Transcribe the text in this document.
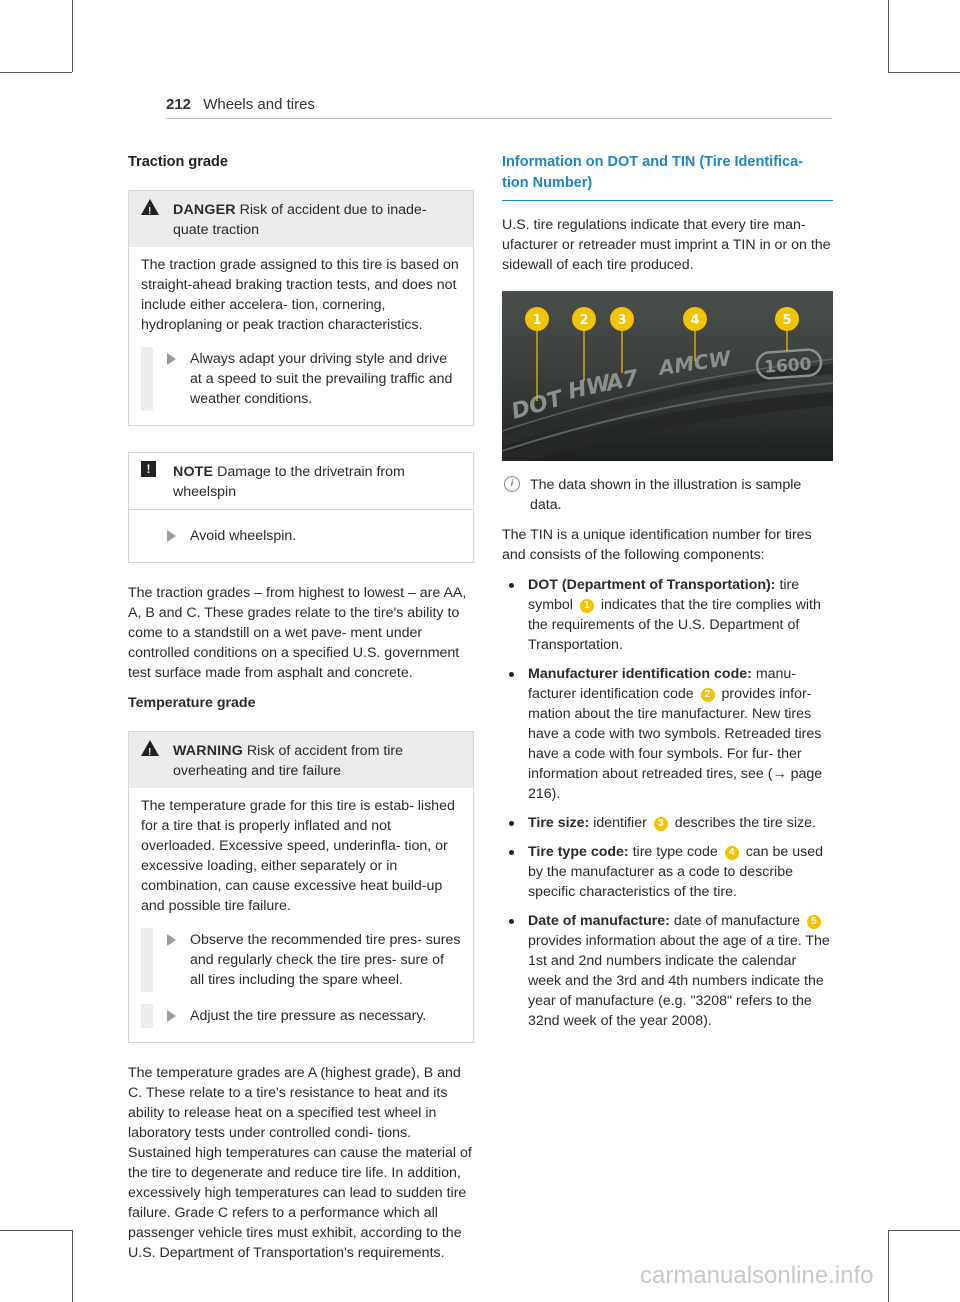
212 Wheels and tires
Traction grade
!
DANGER Risk of accident due to inade- quate traction

The traction grade assigned to this tire is based on straight-ahead braking traction tests, and does not include either accelera- tion, cornering, hydroplaning or peak traction characteristics.

Always adapt your driving style and drive at a speed to suit the prevailing traffic and weather conditions.
!	NOTE Damage to the drivetrain from wheelspin
Avoid wheelspin.

The traction grades – from highest to lowest – are AA, A, B and C. These grades relate to the tire's ability to come to a standstill on a wet pave- ment under controlled conditions on a specified U.S. government test surface made from asphalt and concrete.

Temperature grade
!
WARNING Risk of accident from tire overheating and tire failure

The temperature grade for this tire is estab- lished for a tire that is properly inflated and not overloaded. Excessive speed, underinfla- tion, or excessive loading, either separately or in combination, can cause excessive heat build-up and possible tire failure.

Observe the recommended tire pres- sures and regularly check the tire pres- sure of all tires including the spare wheel.
Adjust the tire pressure as necessary.

The temperature grades are A (highest grade), B and C. These relate to a tire's resistance to heat and its ability to release heat on a specified test wheel in laboratory tests under controlled condi- tions. Sustained high temperatures can cause the material of the tire to degenerate and reduce tire life. In addition, excessively high temperatures can lead to sudden tire failure. Grade C refers to a performance which all passenger vehicle tires must exhibit, according to the U.S. Department of Transportation's requirements.

Information on DOT and TIN (Tire Identifica- tion Number)

U.S. tire regulations indicate that every tire man- ufacturer or retreader must imprint a TIN in or on the sidewall of each tire produced.

DOT HW
A7
AMCW 1600
1	2 3	4	5
i	The data shown in the illustration is sample data.

The TIN is a unique identification number for tires and consists of the following components:

DOT (Department of Transportation): tire symbol 1 indicates that the tire complies with the requirements of the U.S. Department of Transportation.
Manufacturer identification code: manu- facturer identification code 2 provides infor- mation about the tire manufacturer. New tires have a code with two symbols. Retreaded tires have a code with four symbols. For fur- ther information about retreaded tires, see (→ page 216).
Tire size: identifier 3 describes the tire size.
Tire type code: tire type code 4 can be used by the manufacturer as a code to describe specific characteristics of the tire.
Date of manufacture: date of manufacture 5 provides information about the age of a tire. The 1st and 2nd numbers indicate the calendar week and the 3rd and 4th numbers indicate the year of manufacture (e.g. "3208" refers to the 32nd week of the year 2008).
carmanualsonline.info
